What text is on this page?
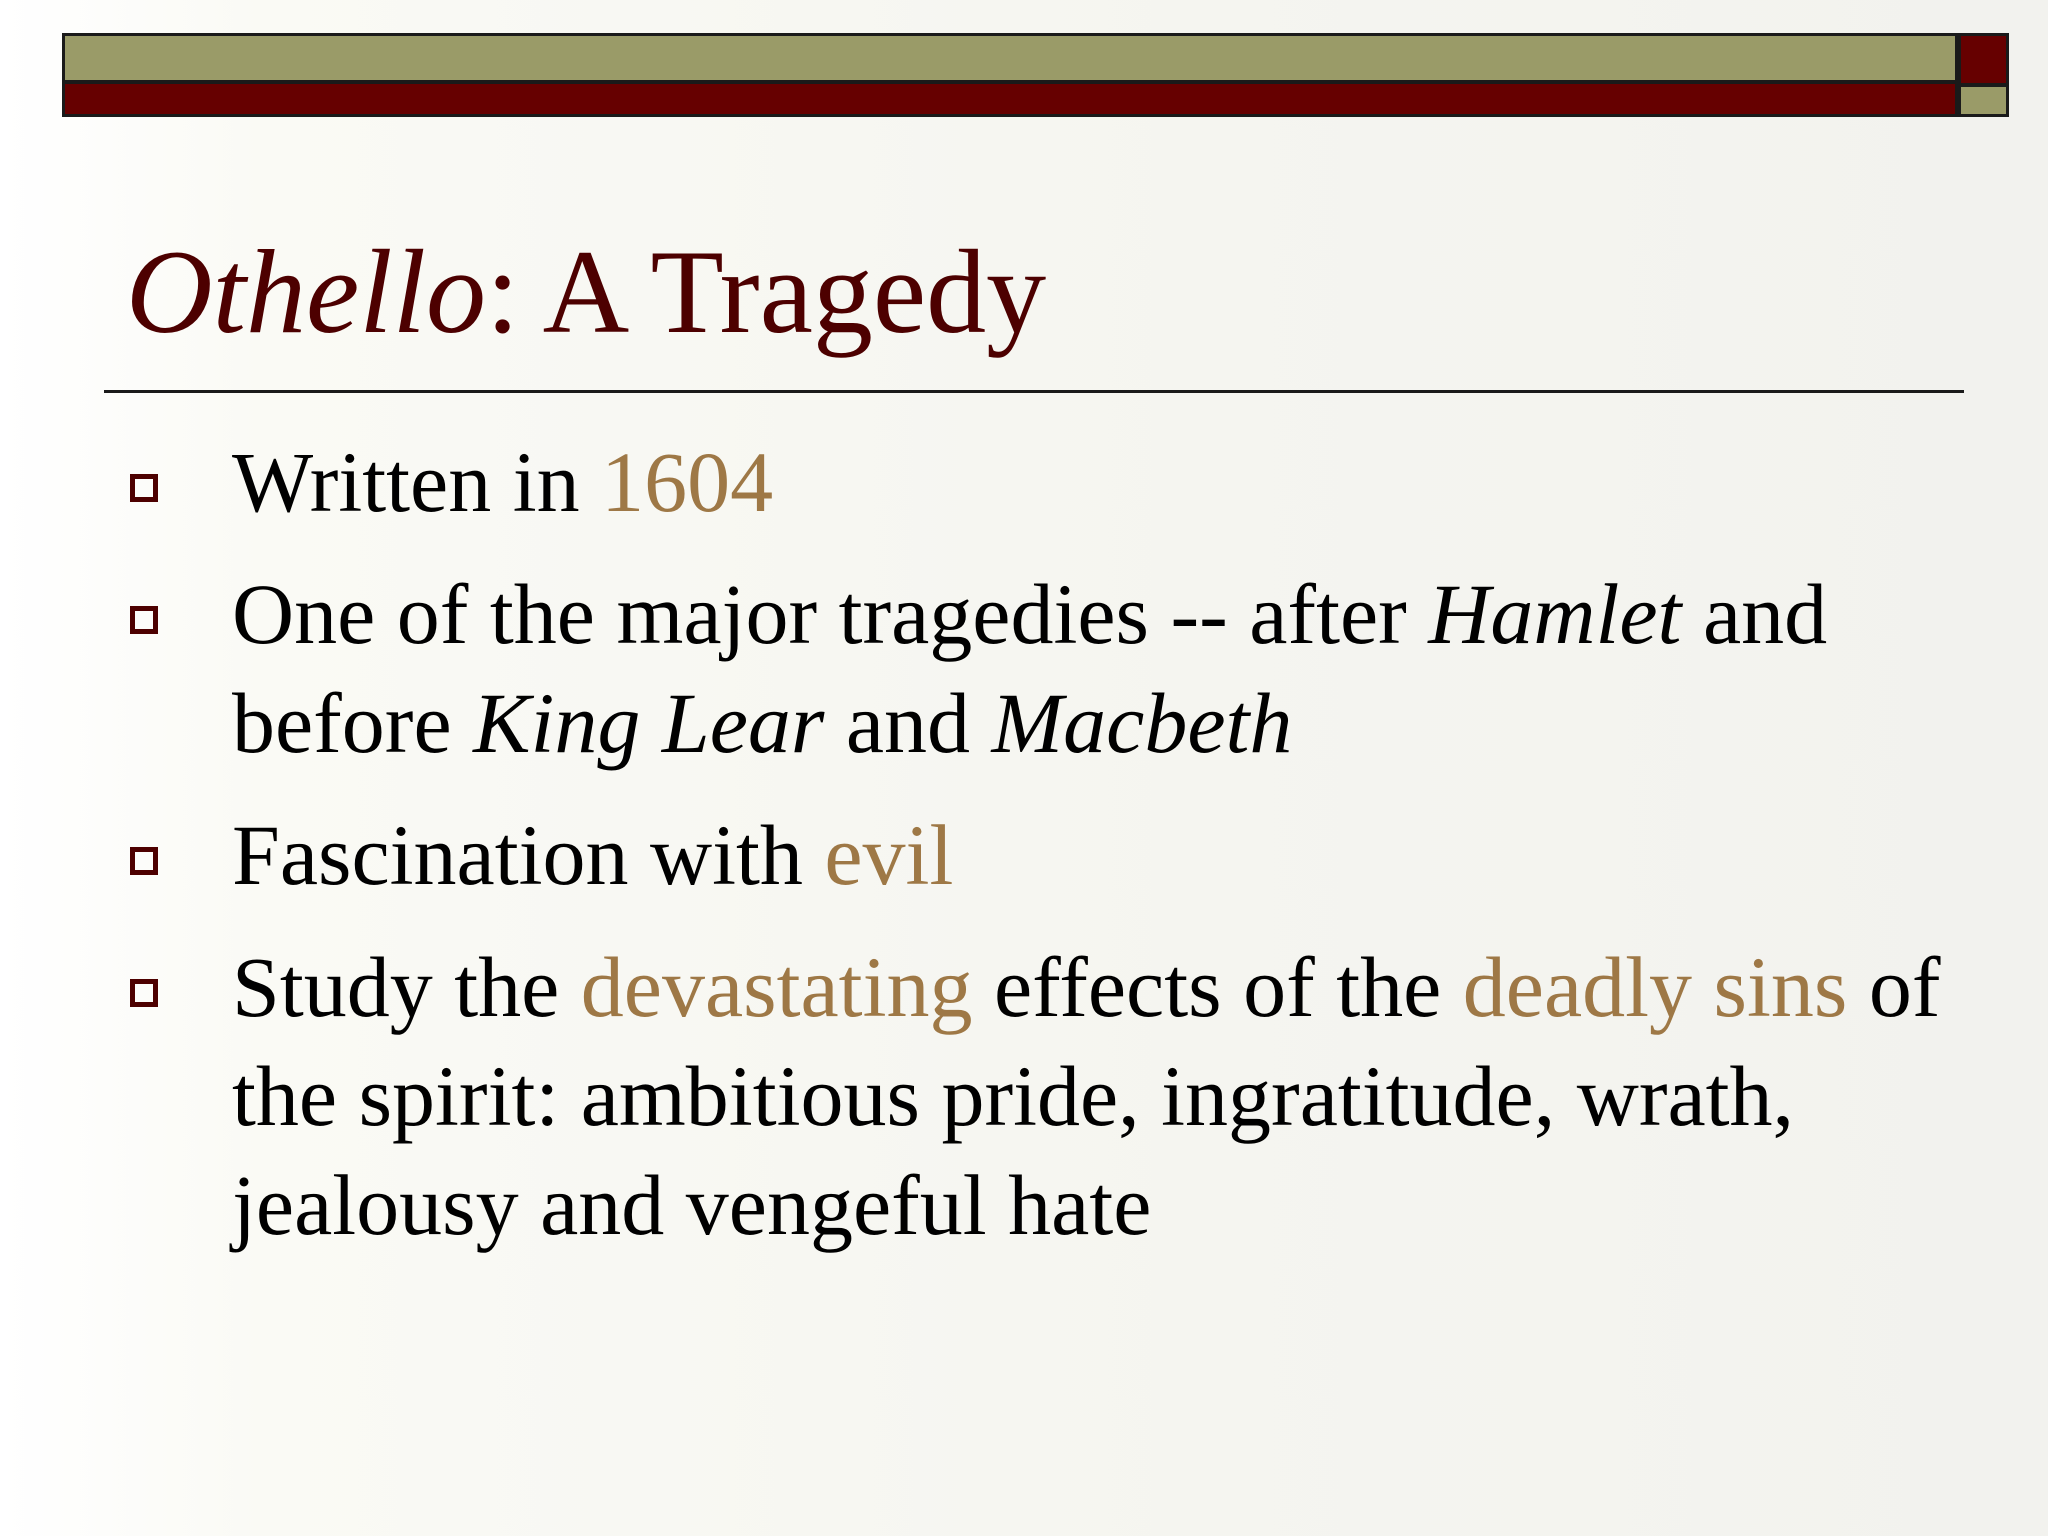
Othello: A Tragedy
Written in 1604
One of the major tragedies -- after Hamlet and before King Lear and Macbeth
Fascination with evil
Study the devastating effects of the deadly sins of the spirit: ambitious pride, ingratitude, wrath, jealousy and vengeful hate
